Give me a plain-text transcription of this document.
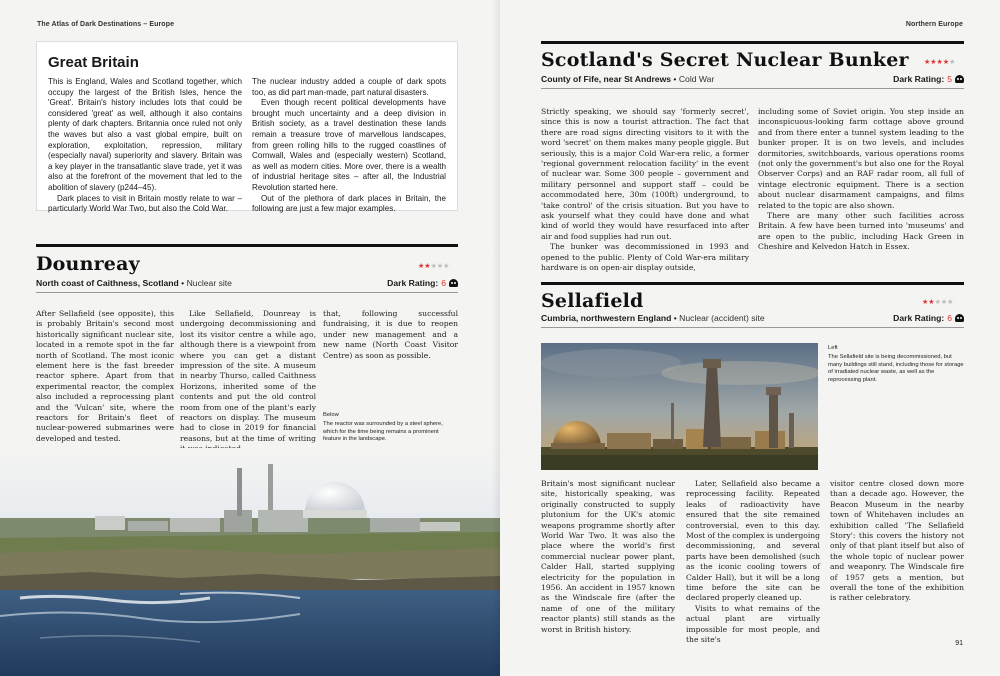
The Atlas of Dark Destinations – Europe
Great Britain

This is England, Wales and Scotland together, which occupy the largest of the British Isles, hence the 'Great'. Britain's history includes lots that could be considered 'great' as well, although it also contains plenty of dark chapters. Britannia once ruled not only the waves but also a vast global empire, built on exploration, exploitation, repression, military (especially naval) superiority and slavery. Britain was a key player in the transatlantic slave trade, yet it was also at the forefront of the movement that led to the abolition of slavery (p244–45).

Dark places to visit in Britain mostly relate to war – particularly World War Two, but also the Cold War.

The nuclear industry added a couple of dark spots too, as did part man-made, part natural disasters.

Even though recent political developments have brought much uncertainty and a deep division in British society, as a travel destination these lands remain a treasure trove of marvellous landscapes, from green rolling hills to the rugged coastlines of Cornwall, Wales and (especially western) Scotland, as well as modern cities. More over, there is a wealth of industrial heritage sites – after all, the Industrial Revolution started here.

Out of the plethora of dark places in Britain, the following are just a few major examples.

★★★★★
Dounreay
North coast of Caithness, Scotland • Nuclear site	Dark Rating: 6

After Sellafield (see opposite), this is probably Britain's second most historically significant nuclear site, located in a remote spot in the far north of Scotland. The most iconic element here is the fast breeder reactor sphere. Apart from that experimental reactor, the complex also included a reprocessing plant and the 'Vulcan' site, where the reactors for Britain's fleet of nuclear-powered submarines were developed and tested.

Like Sellafield, Dounreay is undergoing decommissioning and lost its visitor centre a while ago, although there is a viewpoint from where you can get a distant impression of the site. A museum in nearby Thurso, called Caithness Horizons, inherited some of the contents and put the old control room from one of the plant's early reactors on display. The museum had to close in 2019 for financial reasons, but at the time of writing

that, following successful fundraising, it is due to reopen under new management and a new name (North Coast Visitor Centre) as soon as possible.

Below
The reactor was surrounded by a steel sphere, which for the time being remains a prominent feature in the landscape.
Northern Europe
Scotland's Secret Nuclear Bunker ★★★★★
County of Fife, near St Andrews • Cold War	Dark Rating: 5

Strictly speaking, we should say 'formerly secret', since this is now a tourist attraction. The fact that there are road signs directing visitors to it with the word 'secret' on them makes many people giggle. But seriously, this is a major Cold War-era relic, a former 'regional government relocation facility' in the event of nuclear war. Some 300 people – government and military personnel and support staff – could be accommodated here, 30m (100ft) underground, to 'take control' of the crisis situation. But you have to ask yourself what they could have done and what kind of world they would have resurfaced into after air and food supplies had run out.

The bunker was decommissioned in 1993 and opened to the public. Plenty of Cold War-era military hardware is on open-air display outside,

including some of Soviet origin. You step inside an inconspicuous-looking farm cottage above ground and from there enter a tunnel system leading to the bunker proper. It is on two levels, and includes dormitories, switchboards, various operations rooms (not only the government's but also one for the Royal Observer Corps) and an RAF radar room, all full of vintage electronic equipment. There is a section about nuclear disarmament campaigns, and films related to the topic are also shown.

There are many other such facilities across Britain. A few have been turned into 'museums' and are open to the public, including Hack Green in Cheshire and Kelvedon Hatch in Essex.

Sellafield	★★★★★
Cumbria, northwestern England • Nuclear (accident) site	Dark Rating: 6
Left
The Sellafield site is being decommissioned, but many buildings still stand, including those for storage of irradiated nuclear waste, as well as the reprocessing plant.

Britain's most significant nuclear site, historically speaking, was originally constructed to supply plutonium for the UK's atomic weapons programme shortly after World War Two. It was also the place where the world's first commercial nuclear power plant, Calder Hall, started supplying electricity for the population in 1956. An accident in 1957 known as the Windscale fire (after the name of one of the military reactor plants) still stands as the worst in British history.

Later, Sellafield also became a reprocessing facility. Repeated leaks of radioactivity have ensured that the site remained controversial, even to this day. Most of the complex is undergoing decommissioning, and several parts have been demolished (such as the iconic cooling towers of Calder Hall), but it will be a long time before the site can be declared properly cleaned up.

Visits to what remains of the actual plant are virtually impossible for most people, and the site's

visitor centre closed down more than a decade ago. However, the Beacon Museum in the nearby town of Whitehaven includes an exhibition called 'The Sellafield Story': this covers the history not only of that plant itself but also of the whole topic of nuclear power and weaponry. The Windscale fire of 1957 gets a mention, but overall the tone of the exhibition is rather celebratory.

91
